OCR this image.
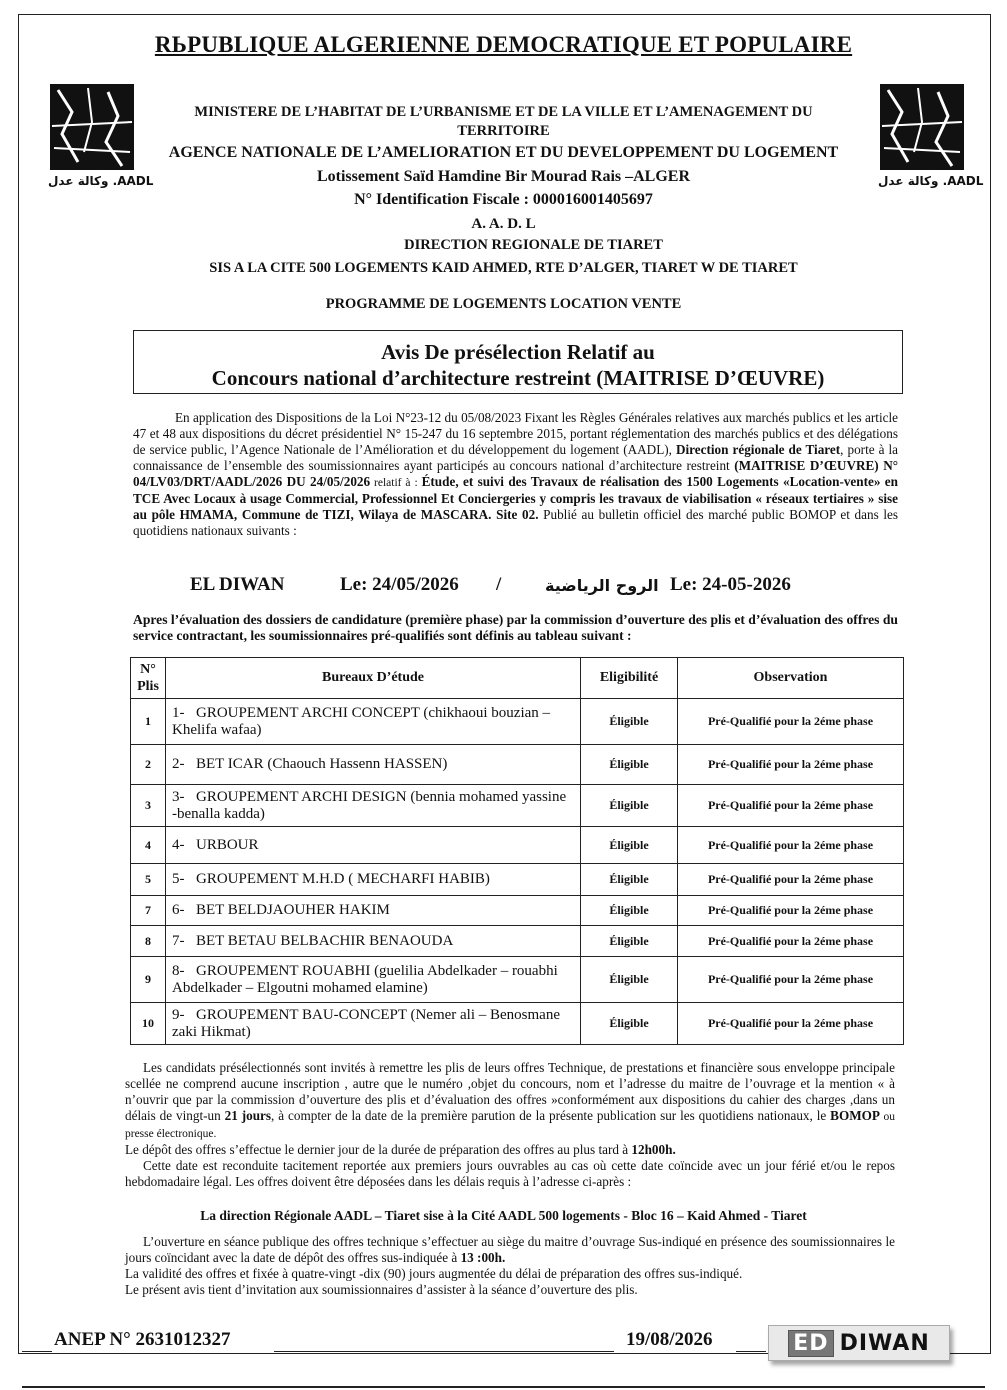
RЬPUBLIQUE ALGERIENNE DEMOCRATIQUE ET POPULAIRE
وكالة عدل .AADL	وكالة عدل .AADL
MINISTERE DE L’HABITAT DE L’URBANISME ET DE LA VILLE ET L’AMENAGEMENT DU
TERRITOIRE
AGENCE NATIONALE DE L’AMELIORATION ET DU DEVELOPPEMENT DU LOGEMENT
Lotissement Saïd Hamdine Bir Mourad Rais –ALGER
N° Identification Fiscale : 000016001405697
A. A. D. L
DIRECTION REGIONALE DE TIARET
SIS A LA CITE 500 LOGEMENTS KAID AHMED, RTE D’ALGER, TIARET W DE TIARET
PROGRAMME DE LOGEMENTS LOCATION VENTE
Avis De présélection Relatif au
Concours national d’architecture restreint (MAITRISE D’ŒUVRE)
En application des Dispositions de la Loi N°23-12 du 05/08/2023 Fixant les Règles Générales relatives aux marchés publics et les article 47 et 48 aux dispositions du décret présidentiel N° 15-247 du 16 septembre 2015, portant réglementation des marchés publics et des délégations de service public, l’Agence Nationale de l’Amélioration et du développement du logement (AADL), Direction régionale de Tiaret, porte à la connaissance de l’ensemble des soumissionnaires ayant participés au concours national d’architecture restreint (MAITRISE D’ŒUVRE) N° 04/LV03/DRT/AADL/2026 DU 24/05/2026 relatif à : Étude, et suivi des Travaux de réalisation des 1500 Logements «Location-vente» en TCE Avec Locaux à usage Commercial, Professionnel Et Conciergeries y compris les travaux de viabilisation « réseaux tertiaires » sise au pôle HMAMA, Commune de TIZI, Wilaya de MASCARA. Site 02. Publié au bulletin officiel des marché public BOMOP et dans les quotidiens nationaux suivants :
EL DIWAN	Le: 24/05/2026 /	الروح الرياضية Le: 24-05-2026
Apres l’évaluation des dossiers de candidature (première phase) par la commission d’ouverture des plis et d’évaluation des offres du service contractant, les soumissionnaires pré-qualifiés sont définis au tableau suivant :
N° Plis	Bureaux D’étude	Eligibilité	Observation
1	1- GROUPEMENT ARCHI CONCEPT (chikhaoui bouzian – Khelifa wafaa)	Éligible	Pré-Qualifié pour la 2éme phase
2	2- BET ICAR (Chaouch Hassenn HASSEN)	Éligible	Pré-Qualifié pour la 2éme phase
3	3- GROUPEMENT ARCHI DESIGN (bennia mohamed yassine -benalla kadda)	Éligible	Pré-Qualifié pour la 2éme phase
4	4- URBOUR	Éligible	Pré-Qualifié pour la 2éme phase
5	5- GROUPEMENT M.H.D ( MECHARFI HABIB)	Éligible	Pré-Qualifié pour la 2éme phase
7	6- BET BELDJAOUHER HAKIM	Éligible	Pré-Qualifié pour la 2éme phase
8	7- BET BETAU BELBACHIR BENAOUDA	Éligible	Pré-Qualifié pour la 2éme phase
9	8- GROUPEMENT ROUABHI (guelilia Abdelkader – rouabhi Abdelkader – Elgoutni mohamed elamine)	Éligible	Pré-Qualifié pour la 2éme phase
10	9- GROUPEMENT BAU-CONCEPT (Nemer ali – Benosmane zaki Hikmat)	Éligible	Pré-Qualifié pour la 2éme phase
Les candidats présélectionnés sont invités à remettre les plis de leurs offres Technique, de prestations et financière sous enveloppe principale scellée ne comprend aucune inscription , autre que le numéro ,objet du concours, nom et l’adresse du maitre de l’ouvrage et la mention « à n’ouvrir que par la commission d’ouverture des plis et d’évaluation des offres »conformément aux dispositions du cahier des charges ,dans un délais de vingt-un 21 jours, à compter de la date de la première parution de la présente publication sur les quotidiens nationaux, le BOMOP ou presse électronique.
Le dépôt des offres s’effectue le dernier jour de la durée de préparation des offres au plus tard à 12h00h.
Cette date est reconduite tacitement reportée aux premiers jours ouvrables au cas où cette date coïncide avec un jour férié et/ou le repos hebdomadaire légal. Les offres doivent être déposées dans les délais requis à l’adresse ci-après :
La direction Régionale AADL – Tiaret sise à la Cité AADL 500 logements - Bloc 16 – Kaid Ahmed - Tiaret
L’ouverture en séance publique des offres technique s’effectuer au siège du maitre d’ouvrage Sus-indiqué en présence des soumissionnaires le jours coïncidant avec la date de dépôt des offres sus-indiquée à 13 :00h.
La validité des offres et fixée à quatre-vingt -dix (90) jours augmentée du délai de préparation des offres sus-indiqué.
Le présent avis tient d’invitation aux soumissionnaires d’assister à la séance d’ouverture des plis.
ANEP N° 2631012327	19/08/2026	ED DIWAN
